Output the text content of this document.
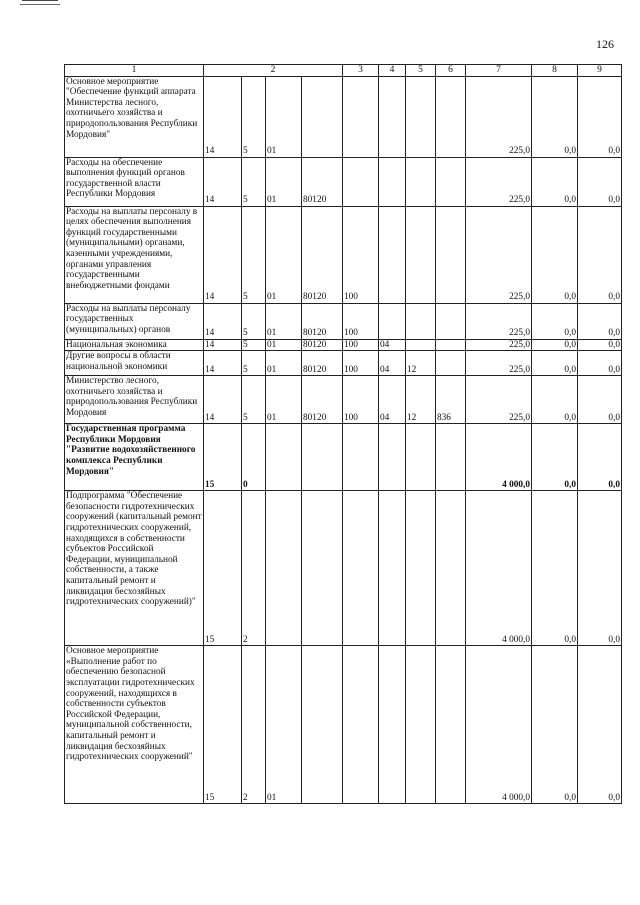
126
1	2				3	4	5	6	7	8	9
Основное мероприятие "Обеспечение функций аппарата Министерства лесного, охотничьего хозяйства и природопользования Республики Мордовия"	14	5	01						225,0	0,0	0,0
Расходы на обеспечение выполнения функций органов государственной власти Республики Мордовия	14	5	01	80120					225,0	0,0	0,0
Расходы на выплаты персоналу в целях обеспечения выполнения функций государственными (муниципальными) органами, казенными учреждениями, органами управления государственными внебюджетными фондами	14	5	01	80120	100				225,0	0,0	0,0
Расходы на выплаты персоналу государственных (муниципальных) органов	14	5	01	80120	100				225,0	0,0	0,0
Национальная экономика	14	5	01	80120	100	04			225,0	0,0	0,0
Другие вопросы в области национальной экономики	14	5	01	80120	100	04	12		225,0	0,0	0,0
Министерство лесного, охотничьего хозяйства и природопользования Республики Мордовия	14	5	01	80120	100	04	12	836	225,0	0,0	0,0
Государственная программа Республики Мордовия "Развитие водохозяйственного комплекса Республики Мордовия"	15	0							4 000,0	0,0	0,0
Подпрограмма "Обеспечение безопасности гидротехнических сооружений (капитальный ремонт гидротехнических сооружений, находящихся в собственности субъектов Российской Федерации, муниципальной собственности, а также капитальный ремонт и ликвидация бесхозяйных гидротехнических сооружений)"	15	2							4 000,0	0,0	0,0
Основное мероприятие «Выполнение работ по обеспечению безопасной эксплуатации гидротехнических сооружений, находящихся в собственности субъектов Российской Федерации, муниципальной собственности, капитальный ремонт и ликвидация бесхозяйных гидротехнических сооружений"	15	2	01						4 000,0	0,0	0,0
